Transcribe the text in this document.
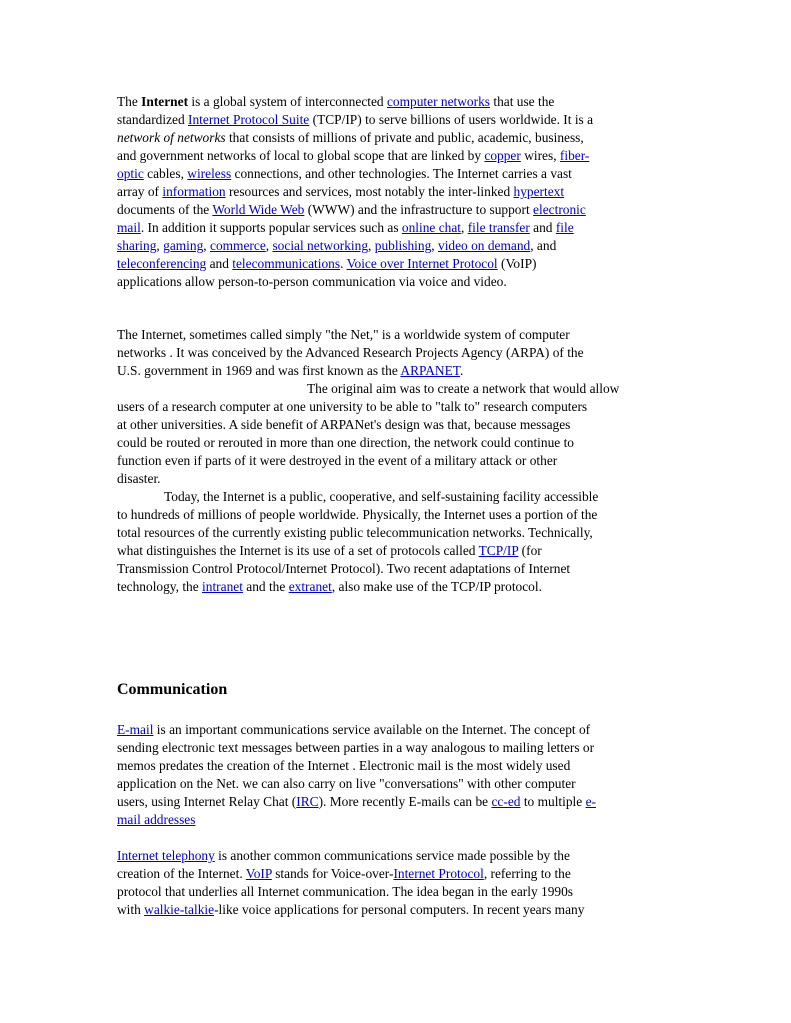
The Internet is a global system of interconnected computer networks that use the
standardized Internet Protocol Suite (TCP/IP) to serve billions of users worldwide. It is a
network of networks that consists of millions of private and public, academic, business,
and government networks of local to global scope that are linked by copper wires, fiber-
optic cables, wireless connections, and other technologies. The Internet carries a vast
array of information resources and services, most notably the inter-linked hypertext
documents of the World Wide Web (WWW) and the infrastructure to support electronic
mail. In addition it supports popular services such as online chat, file transfer and file
sharing, gaming, commerce, social networking, publishing, video on demand, and
teleconferencing and telecommunications. Voice over Internet Protocol (VoIP)
applications allow person-to-person communication via voice and video.
The Internet, sometimes called simply "the Net," is a worldwide system of computer
networks . It was conceived by the Advanced Research Projects Agency (ARPA) of the
U.S. government in 1969 and was first known as the ARPANET.
The original aim was to create a network that would allow
users of a research computer at one university to be able to "talk to" research computers
at other universities. A side benefit of ARPANet's design was that, because messages
could be routed or rerouted in more than one direction, the network could continue to
function even if parts of it were destroyed in the event of a military attack or other
disaster.
Today, the Internet is a public, cooperative, and self-sustaining facility accessible
to hundreds of millions of people worldwide. Physically, the Internet uses a portion of the
total resources of the currently existing public telecommunication networks. Technically,
what distinguishes the Internet is its use of a set of protocols called TCP/IP (for
Transmission Control Protocol/Internet Protocol). Two recent adaptations of Internet
technology, the intranet and the extranet, also make use of the TCP/IP protocol.
Communication
E-mail is an important communications service available on the Internet. The concept of
sending electronic text messages between parties in a way analogous to mailing letters or
memos predates the creation of the Internet . Electronic mail is the most widely used
application on the Net. we can also carry on live "conversations" with other computer
users, using Internet Relay Chat (IRC). More recently E-mails can be cc-ed to multiple e-
mail addresses
Internet telephony is another common communications service made possible by the
creation of the Internet. VoIP stands for Voice-over-Internet Protocol, referring to the
protocol that underlies all Internet communication. The idea began in the early 1990s
with walkie-talkie-like voice applications for personal computers. In recent years many
